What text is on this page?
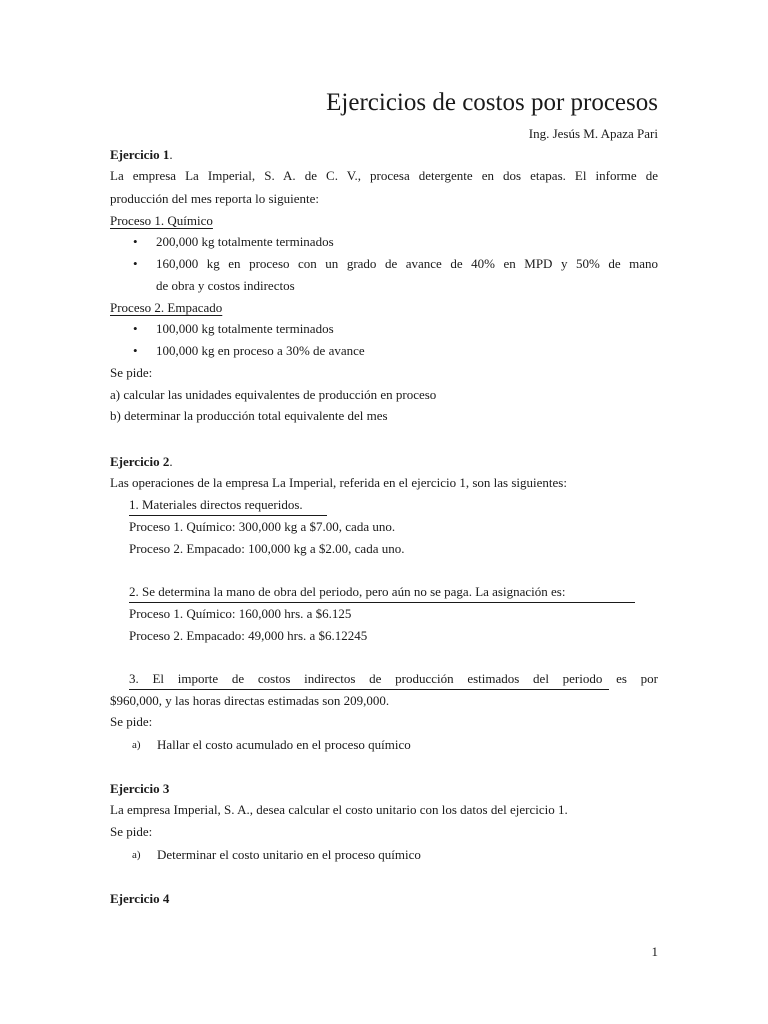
Ejercicios de costos por procesos
Ing. Jesús M. Apaza Pari
Ejercicio 1.
La empresa La Imperial, S. A. de C. V., procesa detergente en dos etapas. El informe de
producción del mes reporta lo siguiente:
Proceso 1. Químico
• 200,000 kg totalmente terminados
• 160,000 kg en proceso con un grado de avance de 40% en MPD y 50% de mano
de obra y costos indirectos
Proceso 2. Empacado
• 100,000 kg totalmente terminados
• 100,000 kg en proceso a 30% de avance
Se pide:
a) calcular las unidades equivalentes de producción en proceso
b) determinar la producción total equivalente del mes
Ejercicio 2.
Las operaciones de la empresa La Imperial, referida en el ejercicio 1, son las siguientes:
1. Materiales directos requeridos.
Proceso 1. Químico: 300,000 kg a $7.00, cada uno.
Proceso 2. Empacado: 100,000 kg a $2.00, cada uno.
2. Se determina la mano de obra del periodo, pero aún no se paga. La asignación es:
Proceso 1. Químico: 160,000 hrs. a $6.125
Proceso 2. Empacado: 49,000 hrs. a $6.12245
3. El importe de costos indirectos de producción estimados del periodo es por
$960,000, y las horas directas estimadas son 209,000.
Se pide:
a) Hallar el costo acumulado en el proceso químico
Ejercicio 3
La empresa Imperial, S. A., desea calcular el costo unitario con los datos del ejercicio 1.
Se pide:
a) Determinar el costo unitario en el proceso químico
Ejercicio 4
1
